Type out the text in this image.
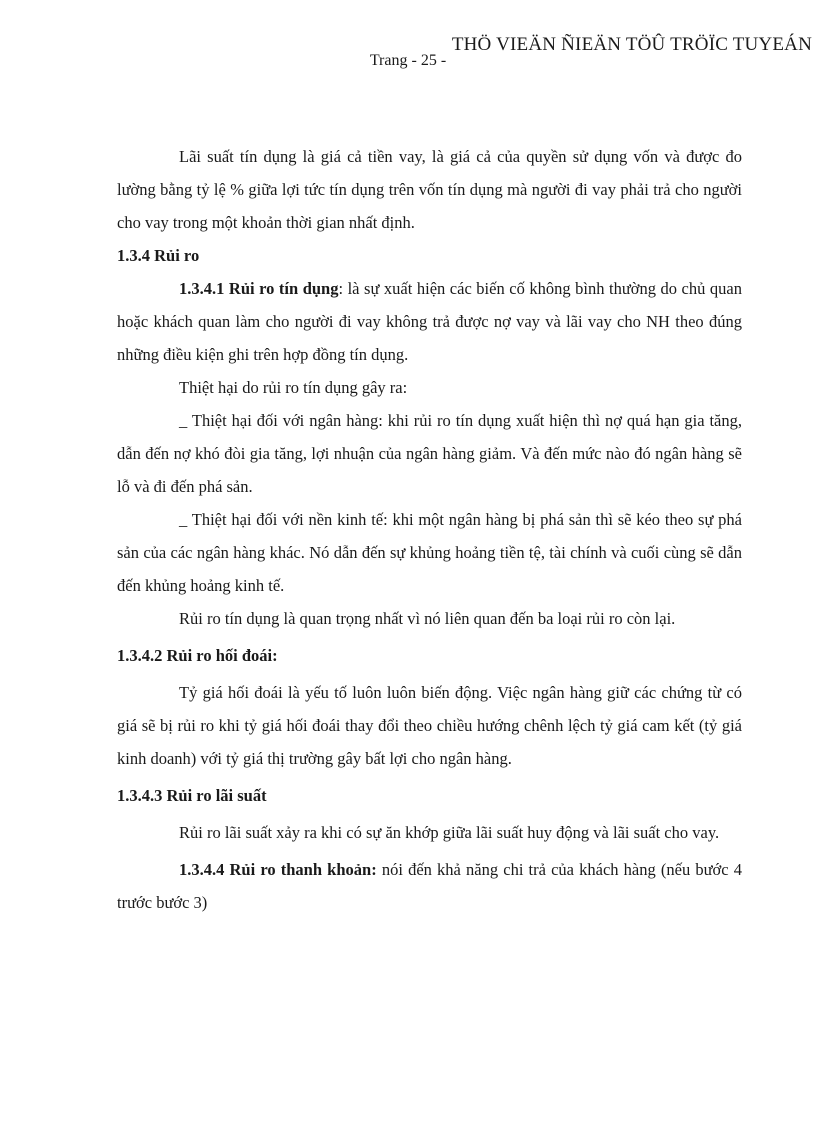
THÖ VIEÄN ÑIEÄN TÖÛ TRÖÏC TUYEÁN
Trang - 25 -

Lãi suất tín dụng là giá cả tiền vay, là giá cả của quyền sử dụng vốn và được đo lường bằng tỷ lệ % giữa lợi tức tín dụng trên vốn tín dụng mà người đi vay phải trả cho người cho vay trong một khoản thời gian nhất định.

1.3.4 Rủi ro

1.3.4.1 Rủi ro tín dụng: là sự xuất hiện các biến cố không bình thường do chủ quan hoặc khách quan làm cho người đi vay không trả được nợ vay và lãi vay cho NH theo đúng những điều kiện ghi trên hợp đồng tín dụng.

Thiệt hại do rủi ro tín dụng gây ra:

_ Thiệt hại đối với ngân hàng: khi rủi ro tín dụng xuất hiện thì nợ quá hạn gia tăng, dẫn đến nợ khó đòi gia tăng, lợi nhuận của ngân hàng giảm. Và đến mức nào đó ngân hàng sẽ lỗ và đi đến phá sản.

_ Thiệt hại đối với nền kinh tế: khi một ngân hàng bị phá sản thì sẽ kéo theo sự phá sản của các ngân hàng khác. Nó dẫn đến sự khủng hoảng tiền tệ, tài chính và cuối cùng sẽ dẫn đến khủng hoảng kinh tế.

Rủi ro tín dụng là quan trọng nhất vì nó liên quan đến ba loại rủi ro còn lại.

1.3.4.2 Rủi ro hối đoái:

Tỷ giá hối đoái là yếu tố luôn luôn biến động. Việc ngân hàng giữ các chứng từ có giá sẽ bị rủi ro khi tỷ giá hối đoái thay đổi theo chiều hướng chênh lệch tỷ giá cam kết (tỷ giá kinh doanh) với tỷ giá thị trường gây bất lợi cho ngân hàng.

1.3.4.3 Rủi ro lãi suất

Rủi ro lãi suất xảy ra khi có sự ăn khớp giữa lãi suất huy động và lãi suất cho vay.

1.3.4.4 Rủi ro thanh khoản: nói đến khả năng chi trả của khách hàng (nếu bước 4 trước bước 3)
